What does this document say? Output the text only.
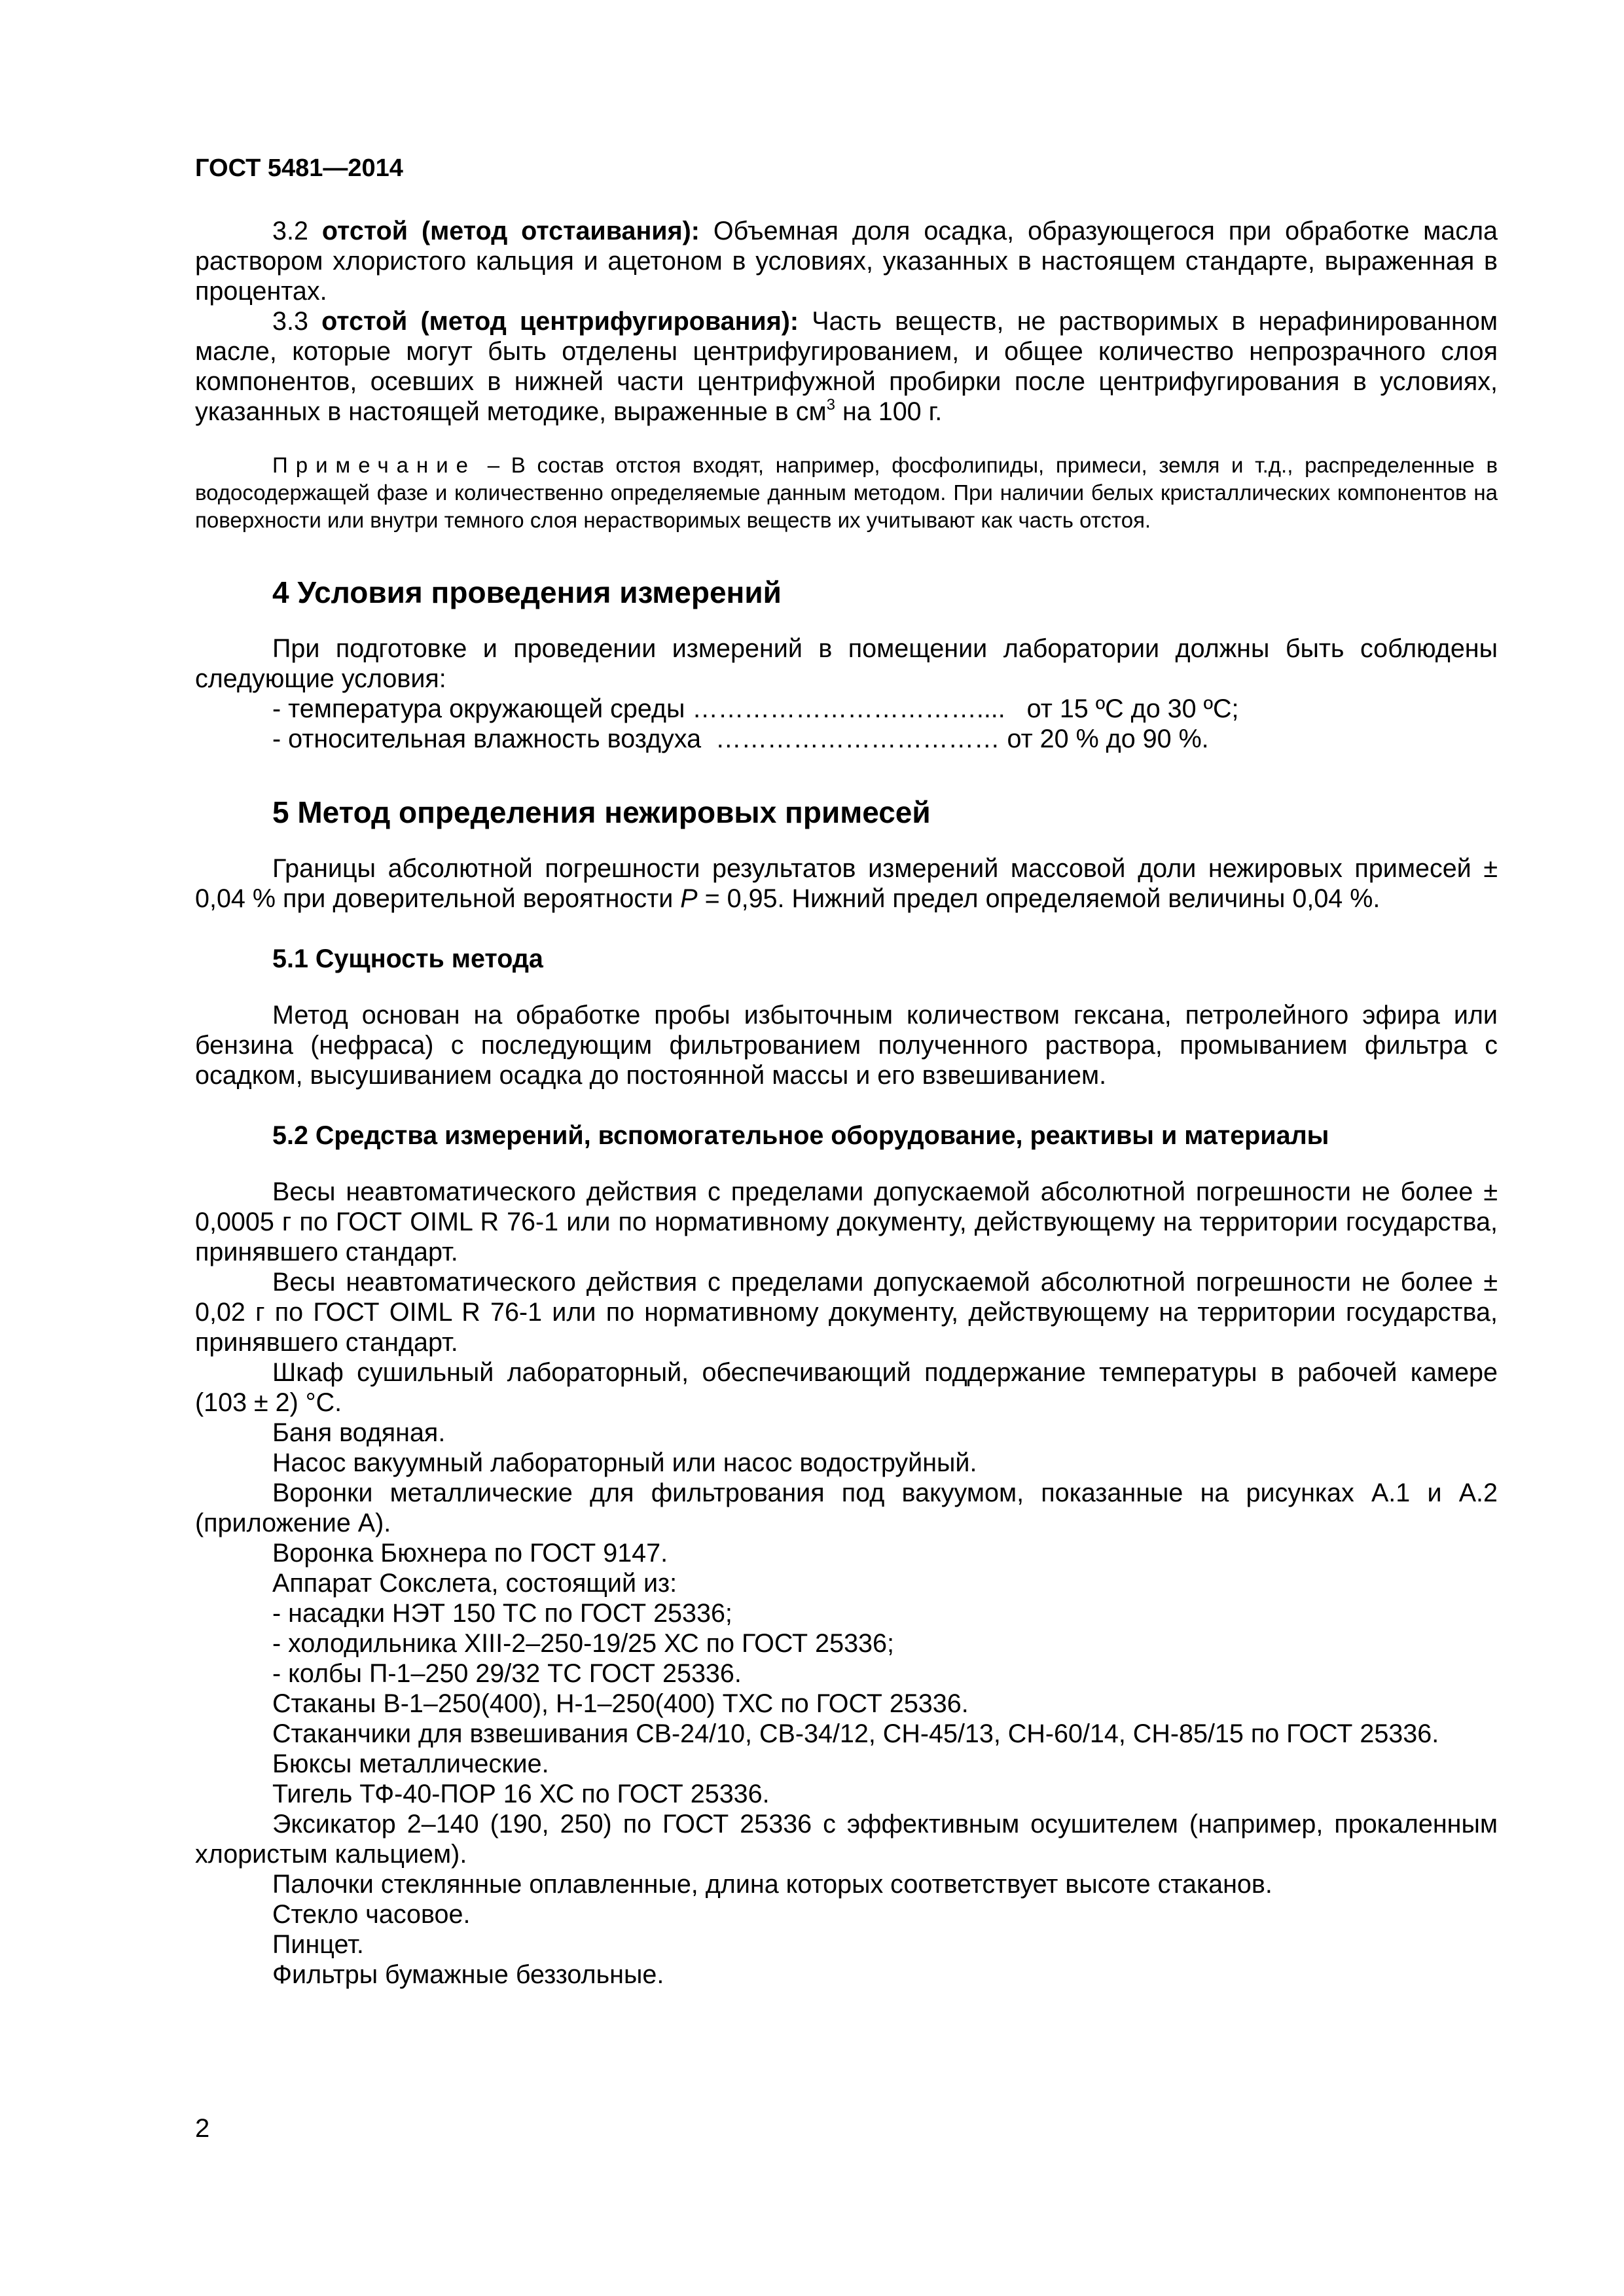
ГОСТ 5481—2014

3.2 отстой (метод отстаивания): Объемная доля осадка, образующегося при обработке масла раствором хлористого кальция и ацетоном в условиях, указанных в настоящем стандарте, выраженная в процентах.

3.3 отстой (метод центрифугирования): Часть веществ, не растворимых в нерафинированном масле, которые могут быть отделены центрифугированием, и общее количество непрозрачного слоя компонентов, осевших в нижней части центрифужной пробирки после центрифугирования в условиях, указанных в настоящей методике, выраженные в $см^3$ на 100 г.

Примечание – В состав отстоя входят, например, фосфолипиды, примеси, земля и т.д., распределенные в водосодержащей фазе и количественно определяемые данным методом. При наличии белых кристаллических компонентов на поверхности или внутри темного слоя нерастворимых веществ их учитывают как часть отстоя.

4 Условия проведения измерений

При подготовке и проведении измерений в помещении лаборатории должны быть соблюдены следующие условия:

- температура окружающей среды ……………………………....   от 15 ºС до 30 ºС;
- относительная влажность воздуха  …………………………… от 20 % до 90 %.
5 Метод определения нежировых примесей

Границы абсолютной погрешности результатов измерений массовой доли нежировых примесей ± 0,04 % при доверительной вероятности Р = 0,95. Нижний предел определяемой величины 0,04 %.

5.1 Сущность метода

Метод основан на обработке пробы избыточным количеством гексана, петролейного эфира или бензина (нефраса) с последующим фильтрованием полученного раствора, промыванием фильтра с осадком, высушиванием осадка до постоянной массы и его взвешиванием.

5.2 Средства измерений, вспомогательное оборудование, реактивы и материалы

Весы неавтоматического действия с пределами допускаемой абсолютной погрешности не более ± 0,0005 г по ГОСТ OIML R 76-1 или по нормативному документу, действующему на территории государства, принявшего стандарт.

Весы неавтоматического действия с пределами допускаемой абсолютной погрешности не более ± 0,02 г по ГОСТ OIML R 76-1 или по нормативному документу, действующему на территории государства, принявшего стандарт.

Шкаф сушильный лабораторный, обеспечивающий поддержание температуры в рабочей камере (103 ± 2) °С.

Баня водяная.

Насос вакуумный лабораторный или насос водоструйный.

Воронки металлические для фильтрования под вакуумом, показанные на рисунках А.1 и А.2 (приложение А).

Воронка Бюхнера по ГОСТ 9147.

Аппарат Сокслета, состоящий из:

- насадки НЭТ 150 ТС по ГОСТ 25336;

- холодильника ХIII-2–250-19/25 ХС по ГОСТ 25336;

- колбы П-1–250 29/32 ТС ГОСТ 25336.

Стаканы В-1–250(400), Н-1–250(400) ТХС по ГОСТ 25336.

Стаканчики для взвешивания СВ-24/10, СВ-34/12, СН-45/13, СН-60/14, СН-85/15 по ГОСТ 25336.

Бюксы металлические.

Тигель ТФ-40-ПОР 16 ХС по ГОСТ 25336.

Эксикатор 2–140 (190, 250) по ГОСТ 25336 с эффективным осушителем (например, прокаленным хлористым кальцием).

Палочки стеклянные оплавленные, длина которых соответствует высоте стаканов.

Стекло часовое.

Пинцет.

Фильтры бумажные беззольные.

2
